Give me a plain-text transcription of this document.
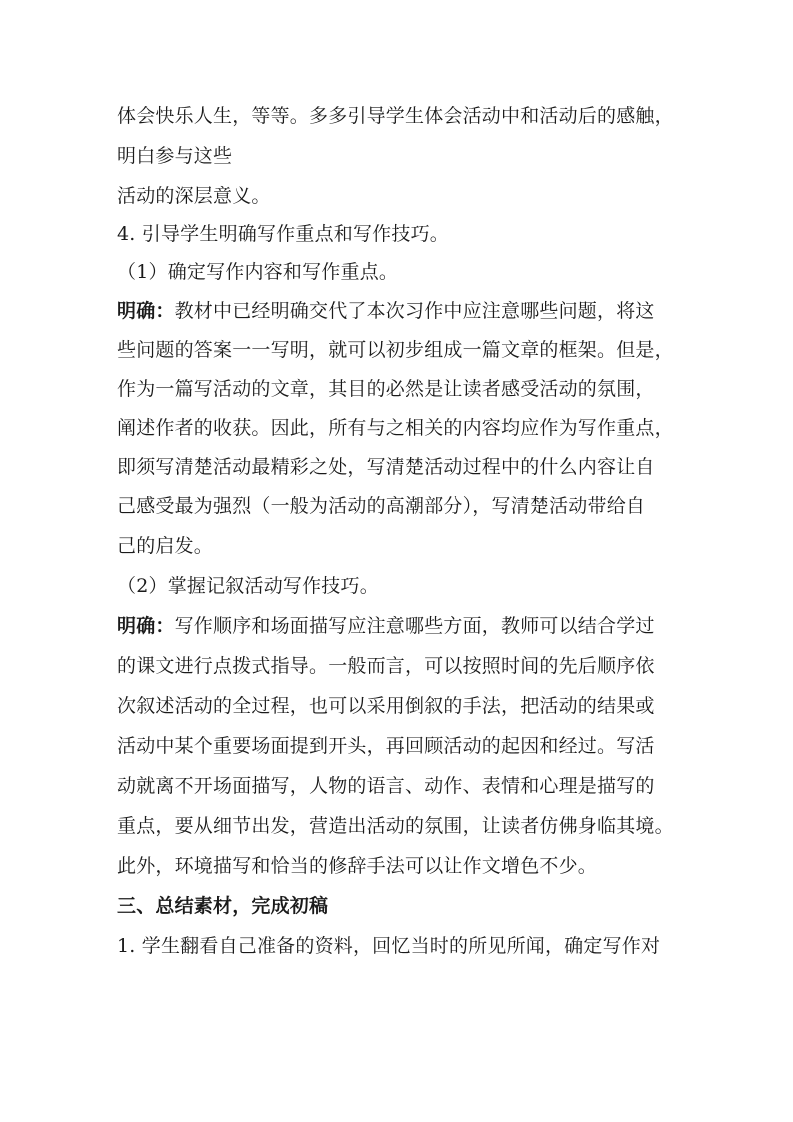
体会快乐人生，等等。多多引导学生体会活动中和活动后的感触，
明白参与这些
活动的深层意义。
4. 引导学生明确写作重点和写作技巧。
（1）确定写作内容和写作重点。
明确：教材中已经明确交代了本次习作中应注意哪些问题，将这
些问题的答案一一写明，就可以初步组成一篇文章的框架。但是，
作为一篇写活动的文章，其目的必然是让读者感受活动的氛围，
阐述作者的收获。因此，所有与之相关的内容均应作为写作重点，
即须写清楚活动最精彩之处，写清楚活动过程中的什么内容让自
己感受最为强烈（一般为活动的高潮部分），写清楚活动带给自
己的启发。
（2）掌握记叙活动写作技巧。
明确：写作顺序和场面描写应注意哪些方面，教师可以结合学过
的课文进行点拨式指导。一般而言，可以按照时间的先后顺序依
次叙述活动的全过程，也可以采用倒叙的手法，把活动的结果或
活动中某个重要场面提到开头，再回顾活动的起因和经过。写活
动就离不开场面描写，人物的语言、动作、表情和心理是描写的
重点，要从细节出发，营造出活动的氛围，让读者仿佛身临其境。
此外，环境描写和恰当的修辞手法可以让作文增色不少。
三、总结素材，完成初稿
1. 学生翻看自己准备的资料，回忆当时的所见所闻，确定写作对
